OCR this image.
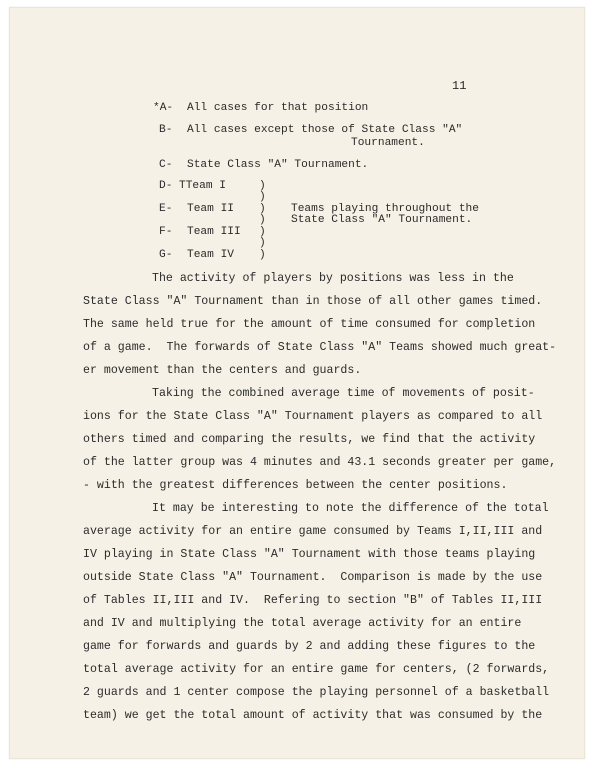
11
*A- All cases for that position
B- All cases except those of State Class "A"
Tournament.
C- State Class "A" Tournament.
D- TTeam I
E- Team II
F- Team III
G- Team IV
)
)
)
)
)
)
)
Teams playing throughout the
State Class "A" Tournament.
The activity of players by positions was less in the
State Class "A" Tournament than in those of all other games timed.
The same held true for the amount of time consumed for completion
of a game.  The forwards of State Class "A" Teams showed much great-
er movement than the centers and guards.
Taking the combined average time of movements of posit-
ions for the State Class "A" Tournament players as compared to all
others timed and comparing the results, we find that the activity
of the latter group was 4 minutes and 43.1 seconds greater per game,
- with the greatest differences between the center positions.
It may be interesting to note the difference of the total
average activity for an entire game consumed by Teams I,II,III and
IV playing in State Class "A" Tournament with those teams playing
outside State Class "A" Tournament.  Comparison is made by the use
of Tables II,III and IV.  Refering to section "B" of Tables II,III
and IV and multiplying the total average activity for an entire
game for forwards and guards by 2 and adding these figures to the
total average activity for an entire game for centers, (2 forwards,
2 guards and 1 center compose the playing personnel of a basketball
team) we get the total amount of activity that was consumed by the
